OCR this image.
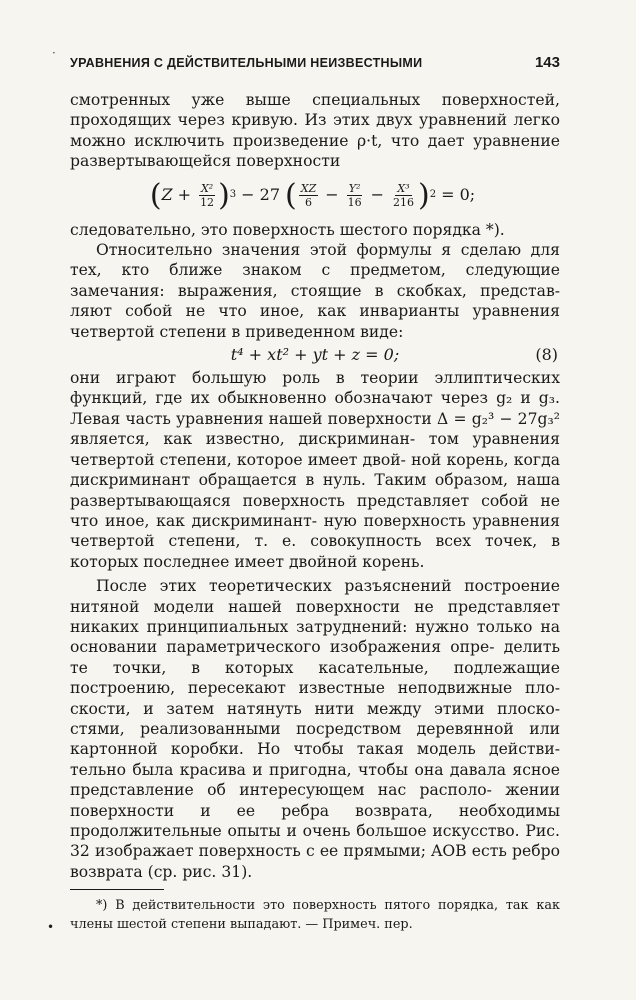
·
УРАВНЕНИЯ С ДЕЙСТВИТЕЛЬНЫМИ НЕИЗВЕСТНЫМИ	143

смотренных уже выше специальных поверхностей, проходящих через кривую. Из этих двух уравнений легко можно исключить произведение ρ·t, что дает уравнение развертывающейся поверхности

( $Z + \frac{\text{X²}}{12}$ ) 3 − 27 ( $\frac{XZ}{6} - \frac{\text{Y²}}{16} - \frac{\text{X³}}{216}$ ) 2 = 0;

следовательно, это поверхность шестого порядка *).

Относительно значения этой формулы я сделаю для тех, кто ближе знаком с предметом, следующие замечания: выражения, стоящие в скобках, представ- ляют собой не что иное, как инварианты уравнения четвертой степени в приведенном виде:

t⁴ + xt² + yt + z = 0;	(8)

они играют большую роль в теории эллиптических функций, где их обыкновенно обозначают через g₂ и g₃. Левая часть уравнения нашей поверхности Δ = g₂³ − 27g₃² является, как известно, дискриминан- том уравнения четвертой степени, которое имеет двой- ной корень, когда дискриминант обращается в нуль. Таким образом, наша развертывающаяся поверхность представляет собой не что иное, как дискриминант- ную поверхность уравнения четвертой степени, т. е. совокупность всех точек, в которых последнее имеет двойной корень.

После этих теоретических разъяснений построение нитяной модели нашей поверхности не представляет никаких принципиальных затруднений: нужно только на основании параметрического изображения опре- делить те точки, в которых касательные, подлежащие построению, пересекают известные неподвижные пло- скости, и затем натянуть нити между этими плоско- стями, реализованными посредством деревянной или картонной коробки. Но чтобы такая модель действи- тельно была красива и пригодна, чтобы она давала ясное представление об интересующем нас располо- жении поверхности и ее ребра возврата, необходимы продолжительные опыты и очень большое искусство. Рис. 32 изображает поверхность с ее прямыми; AOB есть ребро возврата (ср. рис. 31).

•

*) В действительности это поверхность пятого порядка, так как члены шестой степени выпадают. — Примеч. пер.
